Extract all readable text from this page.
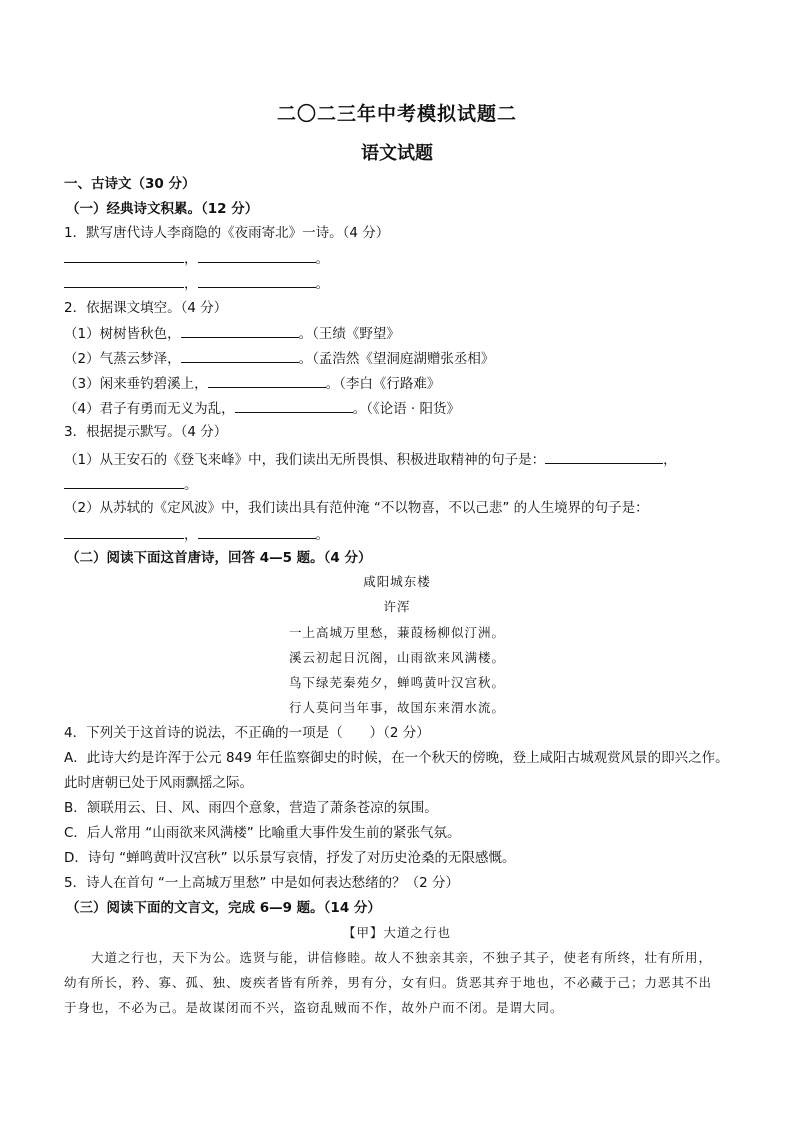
二〇二三年中考模拟试题二
语文试题
一、古诗文（30 分）
（一）经典诗文积累。（12 分）
1．默写唐代诗人李商隐的《夜雨寄北》一诗。（4 分）
，	。
，	。
2．依据课文填空。（4 分）
（1）树树皆秋色，	。（王绩《野望》
（2）气蒸云梦泽，	。（孟浩然《望洞庭湖赠张丞相》
（3）闲来垂钓碧溪上，	。（李白《行路难》
（4）君子有勇而无义为乱，	。（《论语 · 阳货》
3．根据提示默写。（4 分）
（1）从王安石的《登飞来峰》中，我们读出无所畏惧、积极进取精神的句子是：	，
。
（2）从苏轼的《定风波》中，我们读出具有范仲淹 “不以物喜，不以己悲” 的人生境界的句子是：
，	。
（二）阅读下面这首唐诗，回答 4—5 题。（4 分）
咸阳城东楼
许浑
一上高城万里愁，蒹葭杨柳似汀洲。
溪云初起日沉阁，山雨欲来风满楼。
鸟下绿芜秦苑夕，蝉鸣黄叶汉宫秋。
行人莫问当年事，故国东来渭水流。
4．下列关于这首诗的说法，不正确的一项是（　　）（2 分）
A．此诗大约是许浑于公元 849 年任监察御史的时候，在一个秋天的傍晚，登上咸阳古城观赏风景的即兴之作。
此时唐朝已处于风雨飘摇之际。
B．颔联用云、日、风、雨四个意象，营造了萧条苍凉的氛围。
C．后人常用 “山雨欲来风满楼” 比喻重大事件发生前的紧张气氛。
D．诗句 “蝉鸣黄叶汉宫秋” 以乐景写哀情，抒发了对历史沧桑的无限感慨。
5．诗人在首句 “一上高城万里愁” 中是如何表达愁绪的？（2 分）
（三）阅读下面的文言文，完成 6—9 题。（14 分）
【甲】大道之行也
　　大道之行也，天下为公。选贤与能，讲信修睦。故人不独亲其亲，不独子其子，使老有所终，壮有所用，
幼有所长，矜、寡、孤、独、废疾者皆有所养，男有分，女有归。货恶其弃于地也，不必藏于己；力恶其不出
于身也，不必为己。是故谋闭而不兴，盗窃乱贼而不作，故外户而不闭。是谓大同。
